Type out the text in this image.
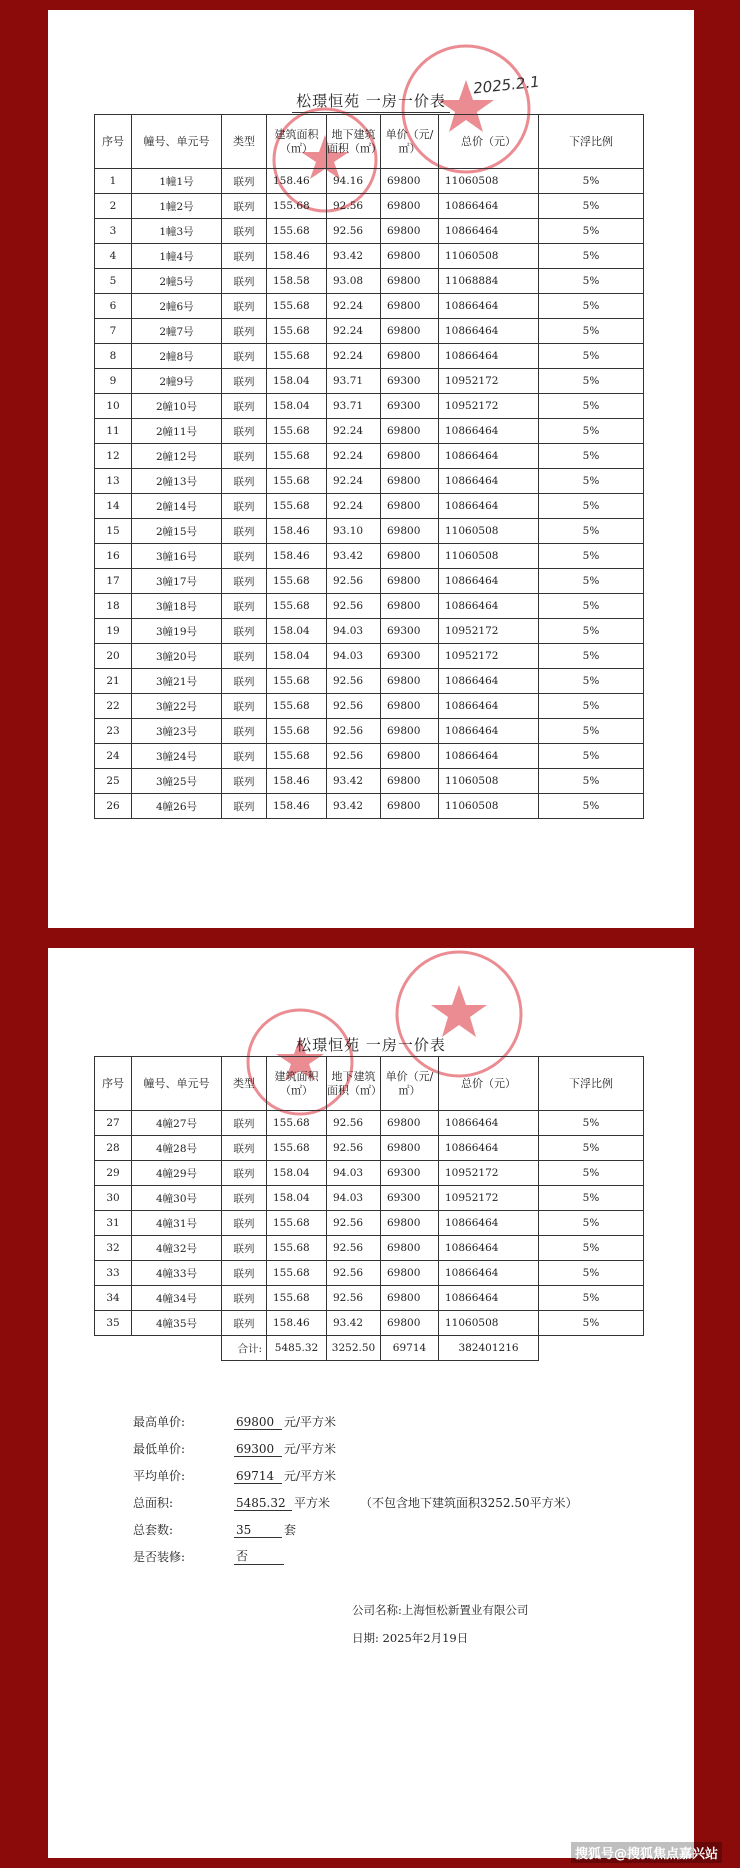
2025.2.1
松璟恒苑 一房一价表
序号	幢号、单元号	类型	建筑面积（㎡）	地下建筑面积（㎡）	单价（元/㎡）	总价（元）	下浮比例
1	1幢1号	联列	158.46	94.16	69800	11060508	5%
2	1幢2号	联列	155.68	92.56	69800	10866464	5%
3	1幢3号	联列	155.68	92.56	69800	10866464	5%
4	1幢4号	联列	158.46	93.42	69800	11060508	5%
5	2幢5号	联列	158.58	93.08	69800	11068884	5%
6	2幢6号	联列	155.68	92.24	69800	10866464	5%
7	2幢7号	联列	155.68	92.24	69800	10866464	5%
8	2幢8号	联列	155.68	92.24	69800	10866464	5%
9	2幢9号	联列	158.04	93.71	69300	10952172	5%
10	2幢10号	联列	158.04	93.71	69300	10952172	5%
11	2幢11号	联列	155.68	92.24	69800	10866464	5%
12	2幢12号	联列	155.68	92.24	69800	10866464	5%
13	2幢13号	联列	155.68	92.24	69800	10866464	5%
14	2幢14号	联列	155.68	92.24	69800	10866464	5%
15	2幢15号	联列	158.46	93.10	69800	11060508	5%
16	3幢16号	联列	158.46	93.42	69800	11060508	5%
17	3幢17号	联列	155.68	92.56	69800	10866464	5%
18	3幢18号	联列	155.68	92.56	69800	10866464	5%
19	3幢19号	联列	158.04	94.03	69300	10952172	5%
20	3幢20号	联列	158.04	94.03	69300	10952172	5%
21	3幢21号	联列	155.68	92.56	69800	10866464	5%
22	3幢22号	联列	155.68	92.56	69800	10866464	5%
23	3幢23号	联列	155.68	92.56	69800	10866464	5%
24	3幢24号	联列	155.68	92.56	69800	10866464	5%
25	3幢25号	联列	158.46	93.42	69800	11060508	5%
26	4幢26号	联列	158.46	93.42	69800	11060508	5%
松璟恒苑 一房一价表
序号	幢号、单元号	类型	建筑面积（㎡）	地下建筑面积（㎡）	单价（元/㎡）	总价（元）	下浮比例
27	4幢27号	联列	155.68	92.56	69800	10866464	5%
28	4幢28号	联列	155.68	92.56	69800	10866464	5%
29	4幢29号	联列	158.04	94.03	69300	10952172	5%
30	4幢30号	联列	158.04	94.03	69300	10952172	5%
31	4幢31号	联列	155.68	92.56	69800	10866464	5%
32	4幢32号	联列	155.68	92.56	69800	10866464	5%
33	4幢33号	联列	155.68	92.56	69800	10866464	5%
34	4幢34号	联列	155.68	92.56	69800	10866464	5%
35	4幢35号	联列	158.46	93.42	69800	11060508	5%
		合计:	5485.32	3252.50	69714	382401216	
最高单价:	69800 元/平方米
最低单价:	69300 元/平方米
平均单价:	69714 元/平方米
总面积:	5485.32 平方米	（不包含地下建筑面积3252.50平方米）
总套数:	35	套
是否装修:	否
公司名称:上海恒松新置业有限公司
日期: 2025年2月19日
搜狐号@搜狐焦点嘉兴站
